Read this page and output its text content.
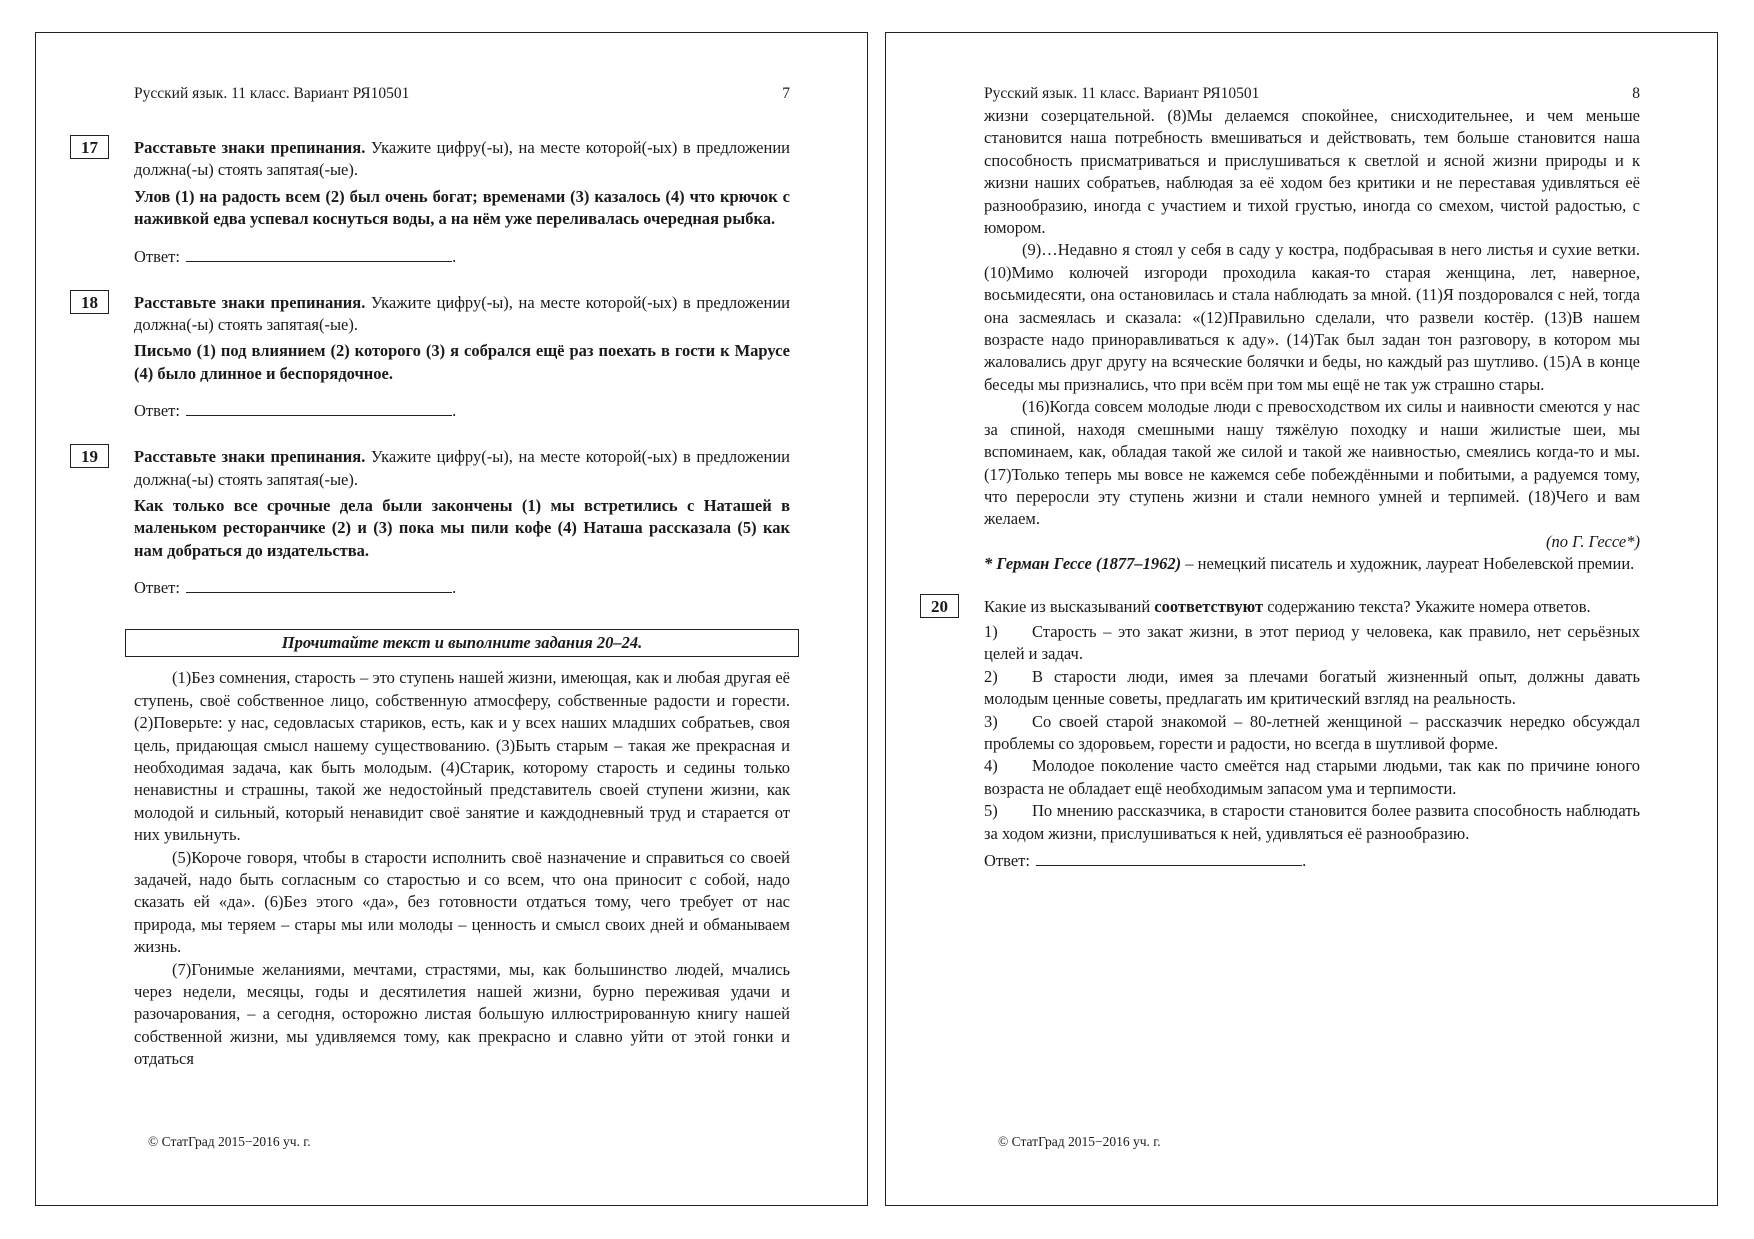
Русский язык. 11 класс. Вариант РЯ10501	7
17	Расставьте знаки препинания. Укажите цифру(-ы), на месте которой(-ых) в предложении должна(-ы) стоять запятая(-ые).

Улов (1) на радость всем (2) был очень богат; временами (3) казалось (4) что крючок с наживкой едва успевал коснуться воды, а на нём уже переливалась очередная рыбка.

Ответ:	.
18	Расставьте знаки препинания. Укажите цифру(-ы), на месте которой(-ых) в предложении должна(-ы) стоять запятая(-ые).

Письмо (1) под влиянием (2) которого (3) я собрался ещё раз поехать в гости к Марусе (4) было длинное и беспорядочное.

Ответ:	.
19	Расставьте знаки препинания. Укажите цифру(-ы), на месте которой(-ых) в предложении должна(-ы) стоять запятая(-ые).

Как только все срочные дела были закончены (1) мы встретились с Наташей в маленьком ресторанчике (2) и (3) пока мы пили кофе (4) Наташа рассказала (5) как нам добраться до издательства.

Ответ:	.
Прочитайте текст и выполните задания 20–24.

(1)Без сомнения, старость – это ступень нашей жизни, имеющая, как и любая другая её ступень, своё собственное лицо, собственную атмосферу, собственные радости и горести. (2)Поверьте: у нас, седовласых стариков, есть, как и у всех наших младших собратьев, своя цель, придающая смысл нашему существованию. (3)Быть старым – такая же прекрасная и необходимая задача, как быть молодым. (4)Старик, которому старость и седины только ненавистны и страшны, такой же недостойный представитель своей ступени жизни, как молодой и сильный, который ненавидит своё занятие и каждодневный труд и старается от них увильнуть.

(5)Короче говоря, чтобы в старости исполнить своё назначение и справиться со своей задачей, надо быть согласным со старостью и со всем, что она приносит с собой, надо сказать ей «да». (6)Без этого «да», без готовности отдаться тому, чего требует от нас природа, мы теряем – стары мы или молоды – ценность и смысл своих дней и обманываем жизнь.

(7)Гонимые желаниями, мечтами, страстями, мы, как большинство людей, мчались через недели, месяцы, годы и десятилетия нашей жизни, бурно переживая удачи и разочарования, – а сегодня, осторожно листая большую иллюстрированную книгу нашей собственной жизни, мы удивляемся тому, как прекрасно и славно уйти от этой гонки и отдаться

© СтатГрад 2015−2016 уч. г.
Русский язык. 11 класс. Вариант РЯ10501	8

жизни созерцательной. (8)Мы делаемся спокойнее, снисходительнее, и чем меньше становится наша потребность вмешиваться и действовать, тем больше становится наша способность присматриваться и прислушиваться к светлой и ясной жизни природы и к жизни наших собратьев, наблюдая за её ходом без критики и не переставая удивляться её разнообразию, иногда с участием и тихой грустью, иногда со смехом, чистой радостью, с юмором.

(9)…Недавно я стоял у себя в саду у костра, подбрасывая в него листья и сухие ветки. (10)Мимо колючей изгороди проходила какая-то старая женщина, лет, наверное, восьмидесяти, она остановилась и стала наблюдать за мной. (11)Я поздоровался с ней, тогда она засмеялась и сказала: «(12)Правильно сделали, что развели костёр. (13)В нашем возрасте надо приноравливаться к аду». (14)Так был задан тон разговору, в котором мы жаловались друг другу на всяческие болячки и беды, но каждый раз шутливо. (15)А в конце беседы мы признались, что при всём при том мы ещё не так уж страшно стары.

(16)Когда совсем молодые люди с превосходством их силы и наивности смеются у нас за спиной, находя смешными нашу тяжёлую походку и наши жилистые шеи, мы вспоминаем, как, обладая такой же силой и такой же наивностью, смеялись когда-то и мы. (17)Только теперь мы вовсе не кажемся себе побеждёнными и побитыми, а радуемся тому, что переросли эту ступень жизни и стали немного умней и терпимей. (18)Чего и вам желаем.

(по Г. Гессе*)

* Герман Гессе (1877–1962) – немецкий писатель и художник, лауреат Нобелевской премии.

20	Какие из высказываний соответствуют содержанию текста? Укажите номера ответов.

1) Старость – это закат жизни, в этот период у человека, как правило, нет серьёзных целей и задач.

2) В старости люди, имея за плечами богатый жизненный опыт, должны давать молодым ценные советы, предлагать им критический взгляд на реальность.

3) Со своей старой знакомой – 80-летней женщиной – рассказчик нередко обсуждал проблемы со здоровьем, горести и радости, но всегда в шутливой форме.

4) Молодое поколение часто смеётся над старыми людьми, так как по причине юного возраста не обладает ещё необходимым запасом ума и терпимости.

5) По мнению рассказчика, в старости становится более развита способность наблюдать за ходом жизни, прислушиваться к ней, удивляться её разнообразию.

Ответ:	.
© СтатГрад 2015−2016 уч. г.
